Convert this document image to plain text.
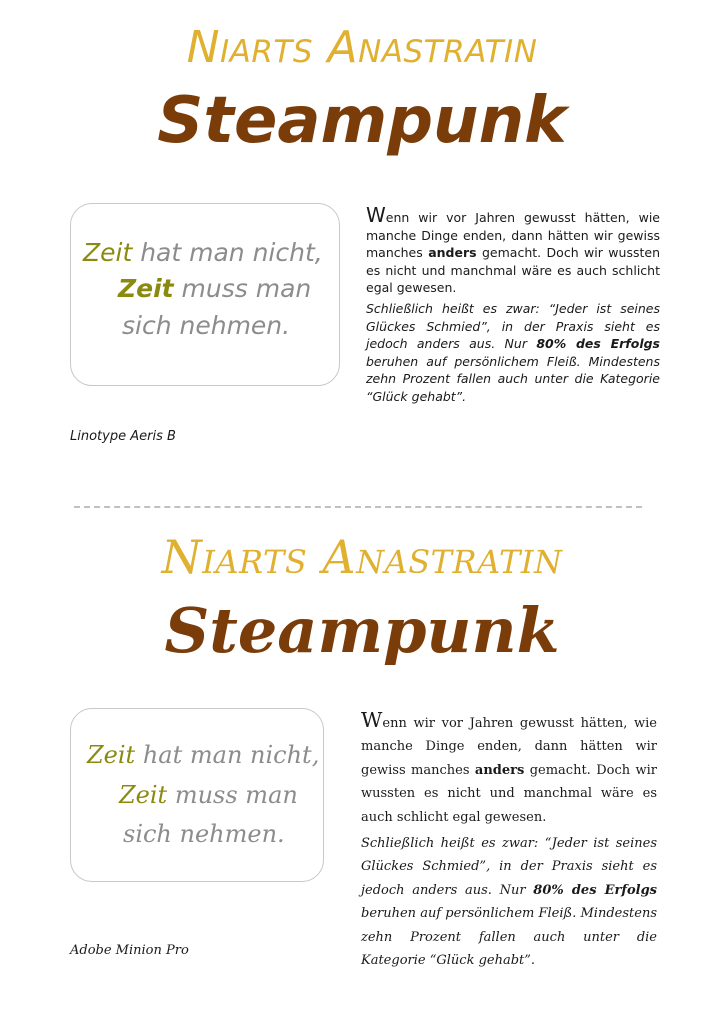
Niarts Anastratin
Steampunk
Zeit hat man nicht,
Zeit muss man
sich nehmen.
Linotype Aeris B

Wenn wir vor Jahren gewusst hätten, wie manche Dinge enden, dann hätten wir gewiss manches anders gemacht. Doch wir wussten es nicht und manchmal wäre es auch schlicht egal gewesen.

Schließlich heißt es zwar: “Jeder ist seines Glückes Schmied”, in der Praxis sieht es jedoch anders aus. Nur 80% des Erfolgs beruhen auf persönlichem Fleiß. Mindestens zehn Prozent fallen auch unter die Kategorie “Glück gehabt”.

Niarts Anastratin
Steampunk
Zeit hat man nicht,
Zeit muss man
sich nehmen.
Adobe Minion Pro

Wenn wir vor Jahren gewusst hätten, wie manche Dinge enden, dann hätten wir gewiss manches anders gemacht. Doch wir wussten es nicht und manchmal wäre es auch schlicht egal gewesen.

Schließlich heißt es zwar: “Jeder ist seines Glückes Schmied”, in der Praxis sieht es jedoch anders aus. Nur 80% des Erfolgs beruhen auf persönlichem Fleiß. Mindestens zehn Prozent fallen auch unter die Kategorie “Glück gehabt”.
